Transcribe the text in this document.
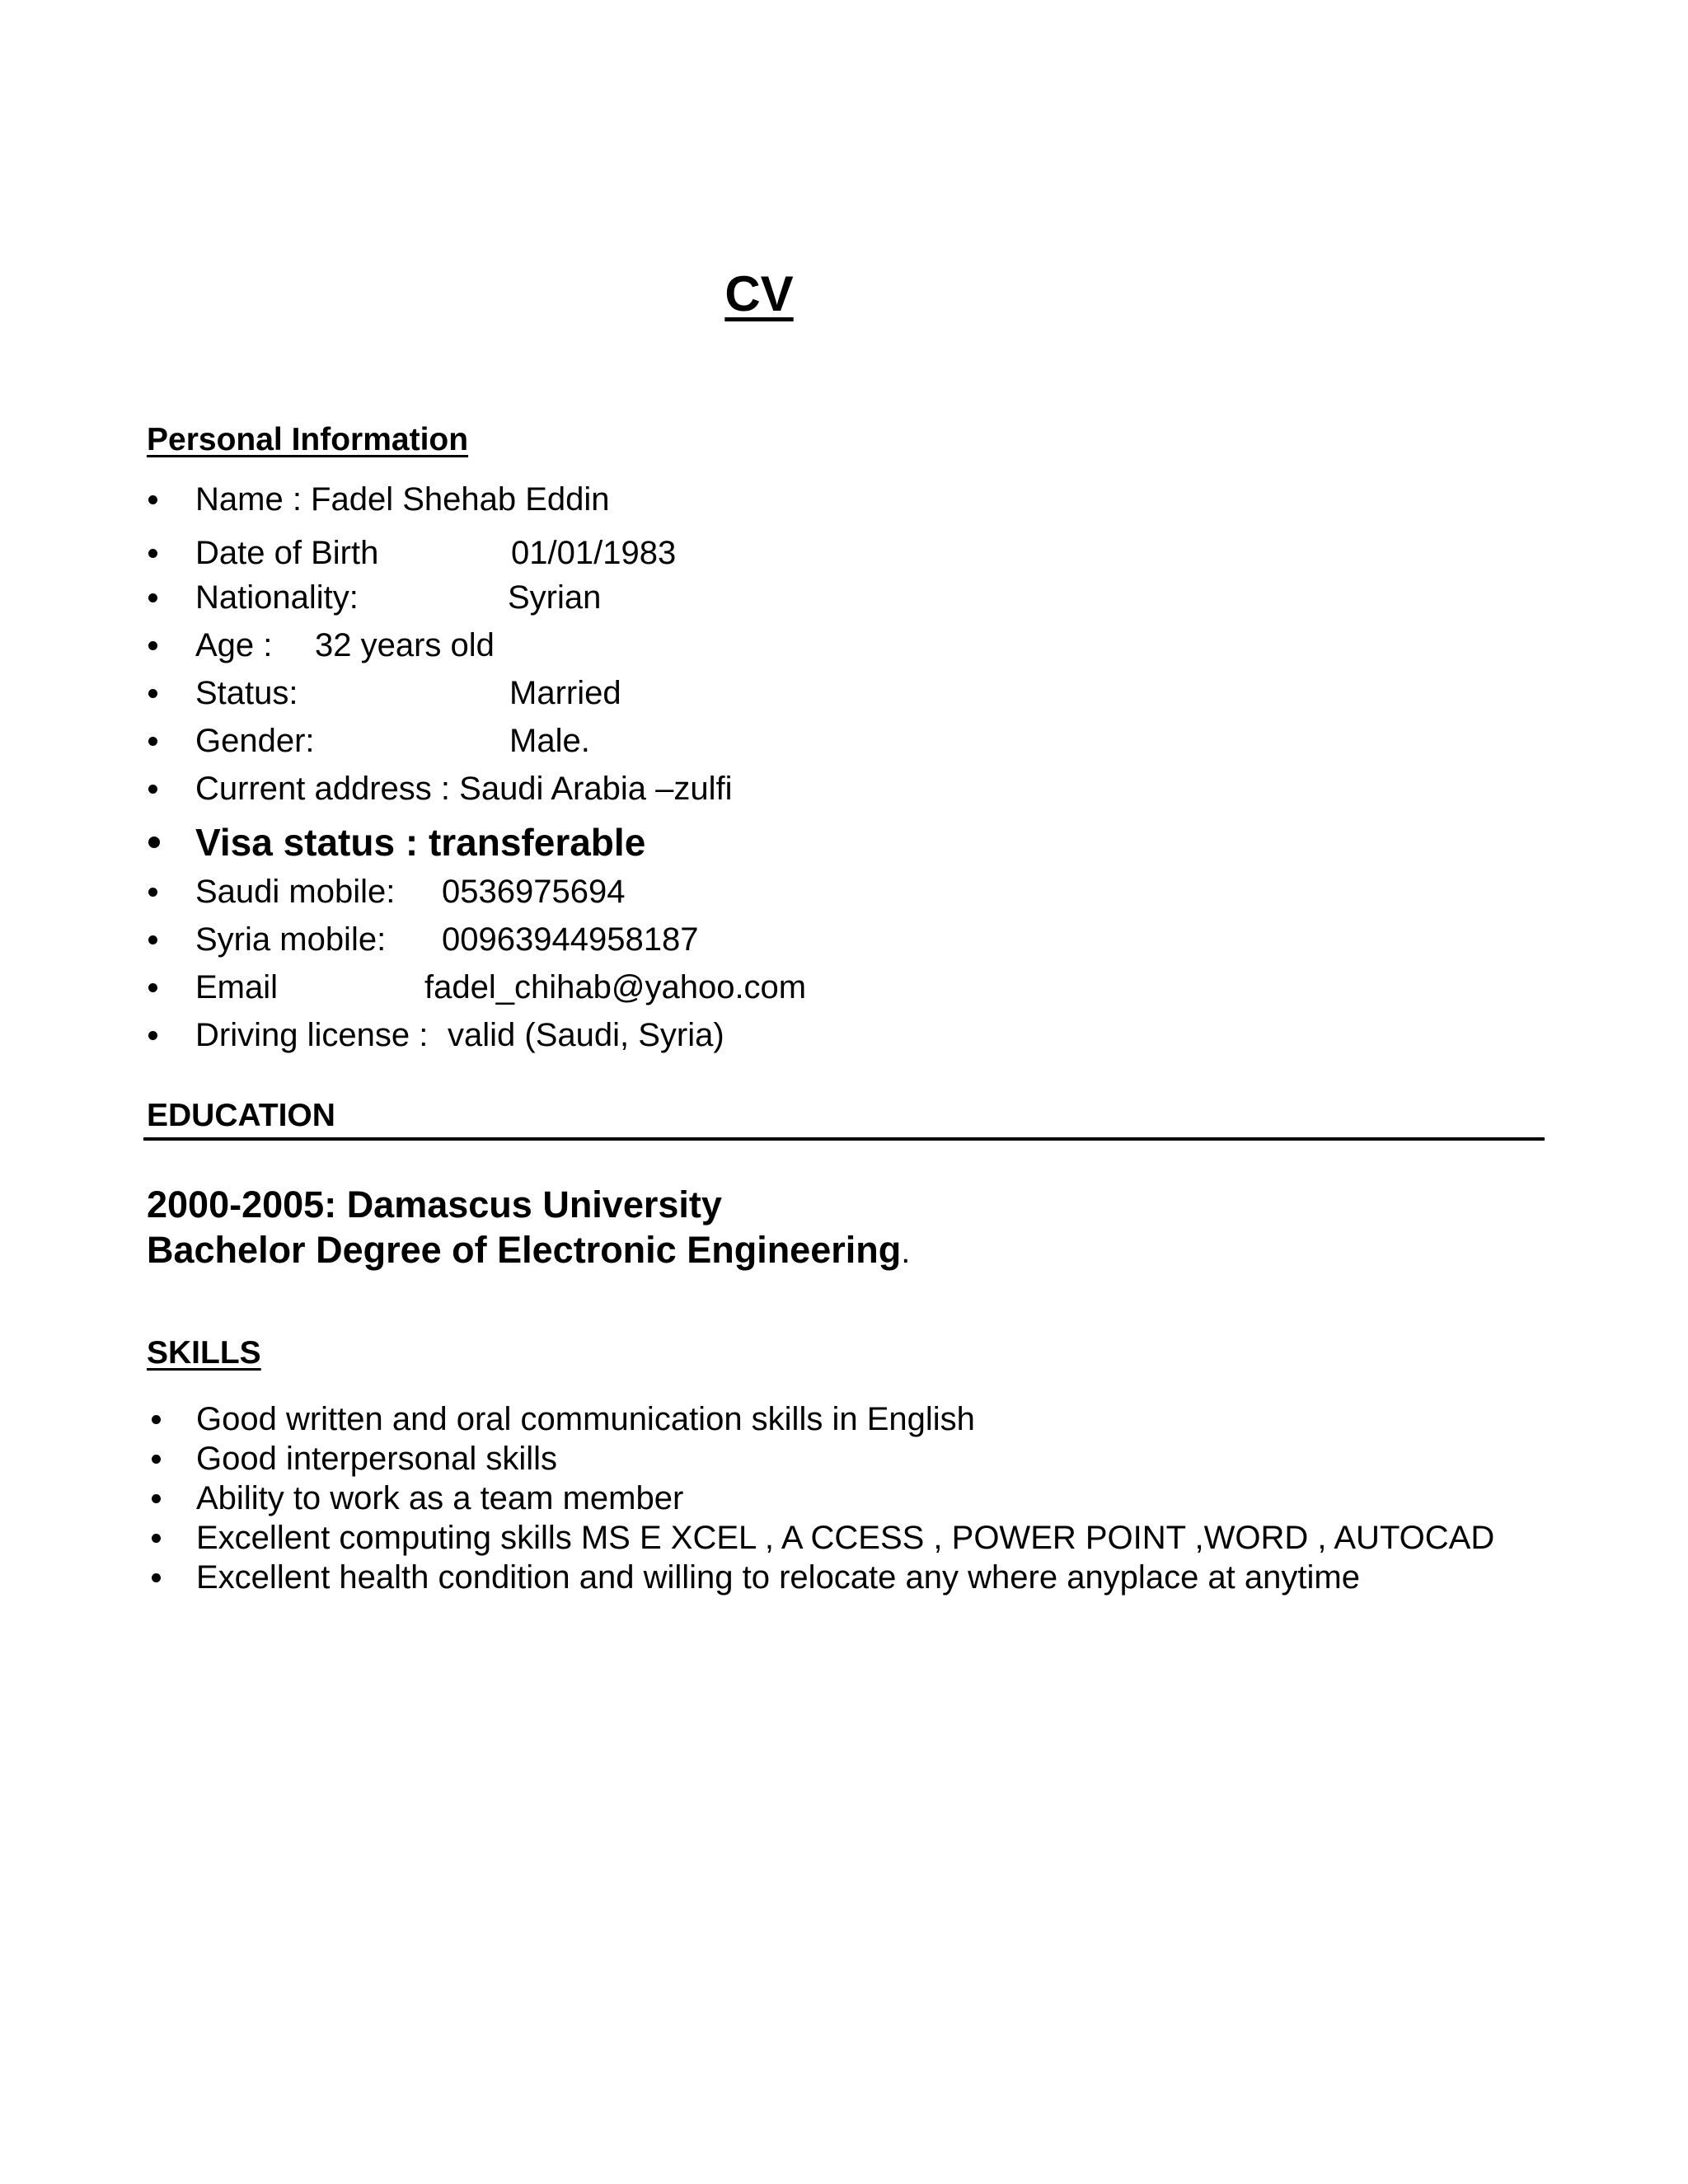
CV
Personal Information
Name : Fadel Shehab Eddin
Date of Birth	01/01/1983
Nationality:	Syrian
Age : 32 years old
Status:	Married
Gender:	Male.
Current address : Saudi Arabia –zulfi
Visa status : transferable
Saudi mobile: 0536975694
Syria mobile: 00963944958187
Email	fadel_chihab@yahoo.com
Driving license : valid (Saudi, Syria)
EDUCATION
2000-2005: Damascus University
Bachelor Degree of Electronic Engineering.
SKILLS
Good written and oral communication skills in English
Good interpersonal skills
Ability to work as a team member
Excellent computing skills MS E XCEL , A CCESS , POWER POINT ,WORD , AUTOCAD
Excellent health condition and willing to relocate any where anyplace at anytime
